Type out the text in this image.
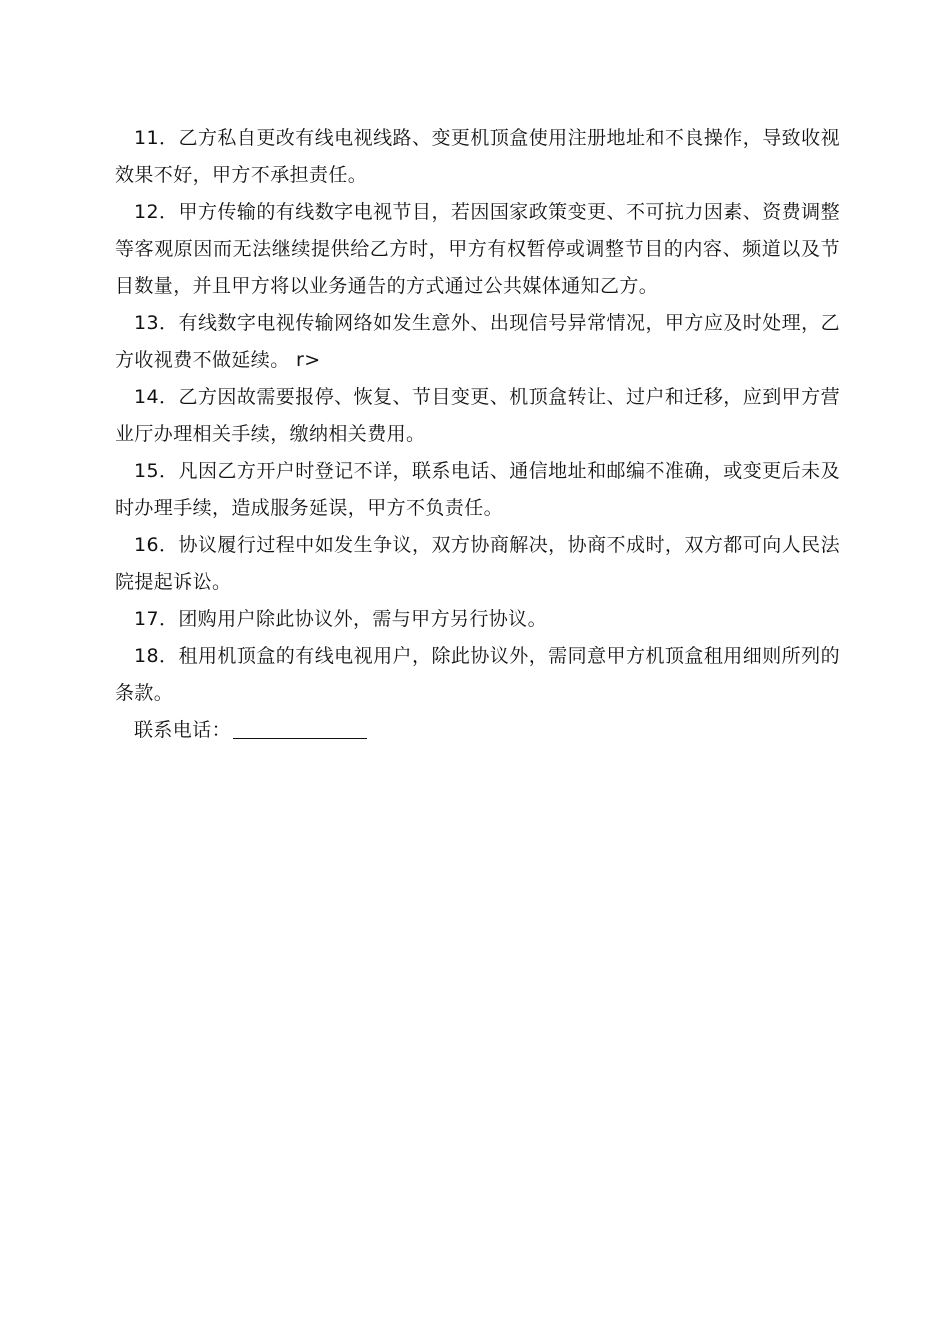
11．乙方私自更改有线电视线路、变更机顶盒使用注册地址和不良操作，导致收视效果不好，甲方不承担责任。

12．甲方传输的有线数字电视节目，若因国家政策变更、不可抗力因素、资费调整等客观原因而无法继续提供给乙方时，甲方有权暂停或调整节目的内容、频道以及节目数量，并且甲方将以业务通告的方式通过公共媒体通知乙方。

13．有线数字电视传输网络如发生意外、出现信号异常情况，甲方应及时处理，乙方收视费不做延续。 r>

14．乙方因故需要报停、恢复、节目变更、机顶盒转让、过户和迁移，应到甲方营业厅办理相关手续，缴纳相关费用。

15．凡因乙方开户时登记不详，联系电话、通信地址和邮编不准确，或变更后未及时办理手续，造成服务延误，甲方不负责任。

16．协议履行过程中如发生争议，双方协商解决，协商不成时，双方都可向人民法院提起诉讼。

17．团购用户除此协议外，需与甲方另行协议。

18．租用机顶盒的有线电视用户，除此协议外，需同意甲方机顶盒租用细则所列的条款。

联系电话：
